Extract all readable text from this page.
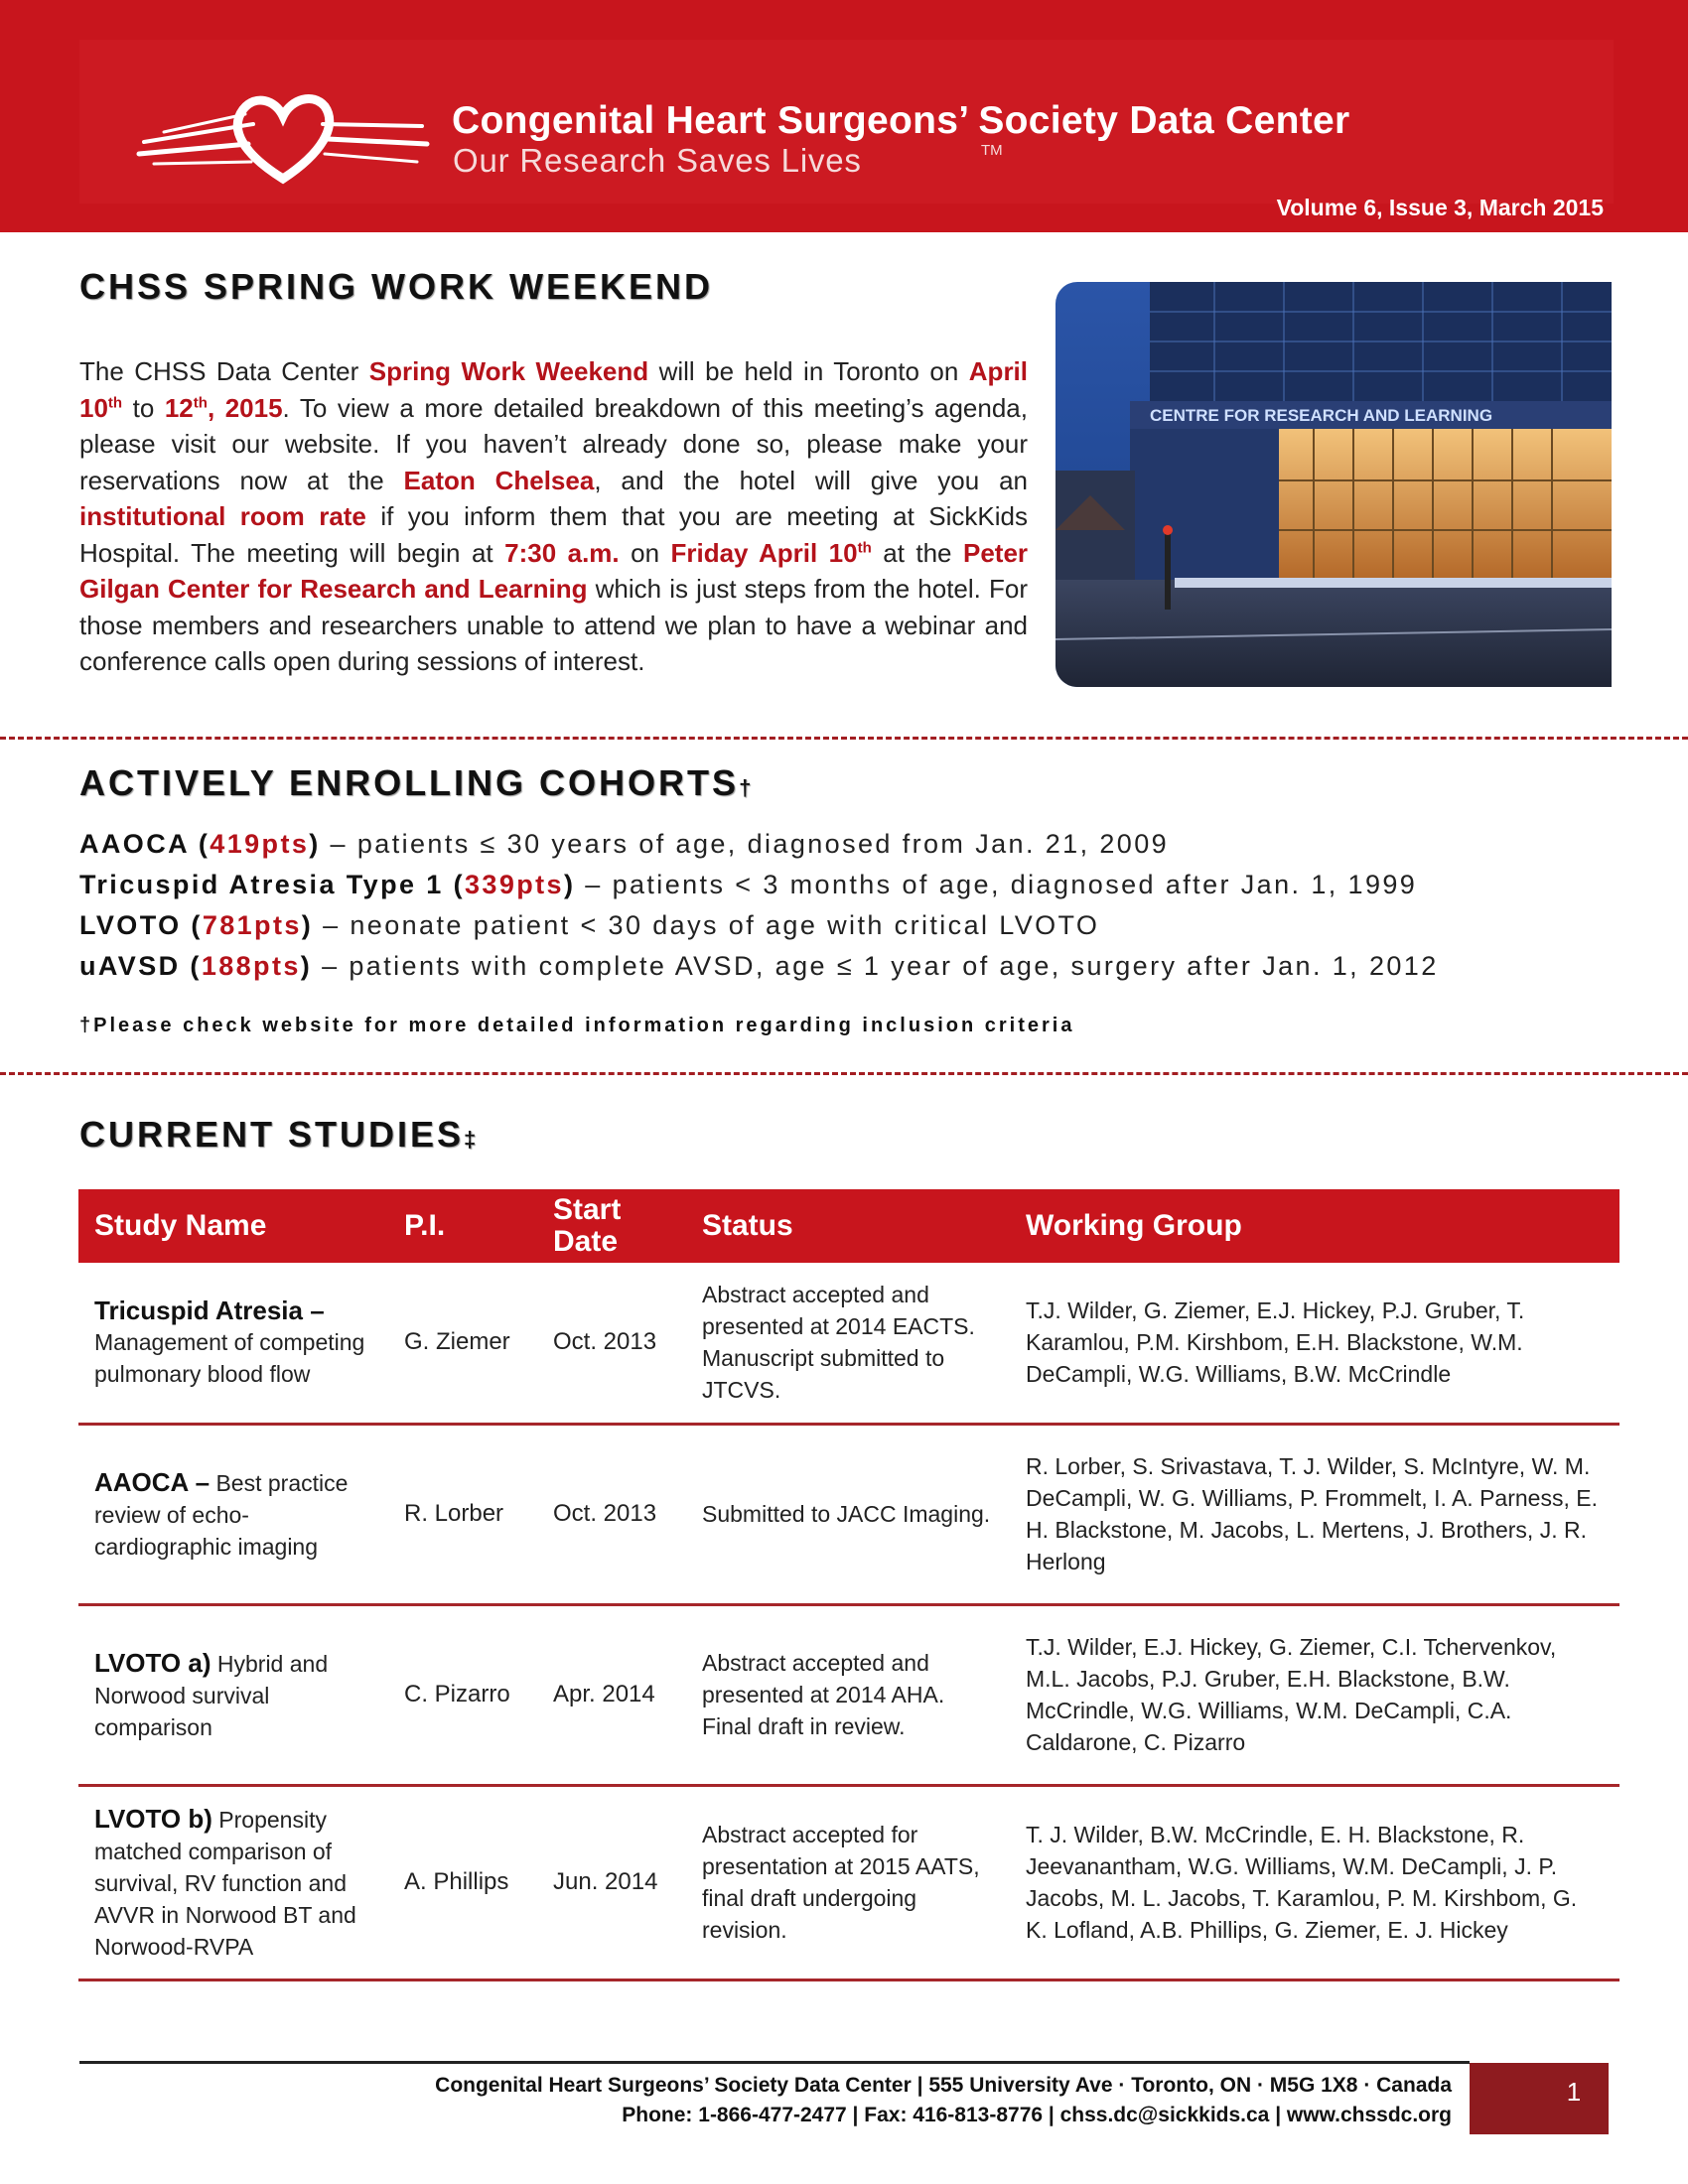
Congenital Heart Surgeons’ Society Data Center
Our Research Saves Lives	TM
Volume 6, Issue 3, March 2015
CHSS SPRING WORK WEEKEND
The CHSS Data Center Spring Work Weekend will be held in Toronto on April 10th to 12th, 2015. To view a more detailed breakdown of this meeting’s agenda, please visit our website. If you haven’t already done so, please make your reservations now at the Eaton Chelsea, and the hotel will give you an institutional room rate if you inform them that you are meeting at SickKids Hospital. The meeting will begin at 7:30 a.m. on Friday April 10th at the Peter Gilgan Center for Research and Learning which is just steps from the hotel. For those members and researchers unable to attend we plan to have a webinar and conference calls open during sessions of interest.
CENTRE FOR RESEARCH AND LEARNING
ACTIVELY ENROLLING COHORTS†
AAOCA (419pts) – patients ≤ 30 years of age, diagnosed from Jan. 21, 2009
Tricuspid Atresia Type 1 (339pts) – patients < 3 months of age, diagnosed after Jan. 1, 1999
LVOTO (781pts) – neonate patient < 30 days of age with critical LVOTO
uAVSD (188pts) – patients with complete AVSD, age ≤ 1 year of age, surgery after Jan. 1, 2012
†Please check website for more detailed information regarding inclusion criteria
CURRENT STUDIES‡
Study Name	P.I.	Start Date	Status	Working Group

Tricuspid Atresia –
Management of competing pulmonary blood flow	G. Ziemer	Oct. 2013	Abstract accepted and presented at 2014 EACTS. Manuscript submitted to JTCVS.	T.J. Wilder, G. Ziemer, E.J. Hickey, P.J. Gruber, T. Karamlou, P.M. Kirshbom, E.H. Blackstone, W.M. DeCampli, W.G. Williams, B.W. McCrindle
AAOCA – Best practice review of echo-cardiographic imaging	R. Lorber	Oct. 2013	Submitted to JACC Imaging.	R. Lorber, S. Srivastava, T. J. Wilder, S. McIntyre, W. M. DeCampli, W. G. Williams, P. Frommelt, I. A. Parness, E. H. Blackstone, M. Jacobs, L. Mertens, J. Brothers, J. R. Herlong
LVOTO a) Hybrid and Norwood survival comparison	C. Pizarro	Apr. 2014	Abstract accepted and presented at 2014 AHA. Final draft in review.	T.J. Wilder, E.J. Hickey, G. Ziemer, C.I. Tchervenkov, M.L. Jacobs, P.J. Gruber, E.H. Blackstone, B.W. McCrindle, W.G. Williams, W.M. DeCampli, C.A. Caldarone, C. Pizarro
LVOTO b) Propensity matched comparison of survival, RV function and AVVR in Norwood BT and Norwood-RVPA	A. Phillips	Jun. 2014	Abstract accepted for presentation at 2015 AATS, final draft undergoing revision.	T. J. Wilder, B.W. McCrindle, E. H. Blackstone, R. Jeevanantham, W.G. Williams, W.M. DeCampli, J. P. Jacobs, M. L. Jacobs, T. Karamlou, P. M. Kirshbom, G. K. Lofland, A.B. Phillips, G. Ziemer, E. J. Hickey
Congenital Heart Surgeons’ Society Data Center | 555 University Ave · Toronto, ON · M5G 1X8 · Canada
Phone: 1-866-477-2477 | Fax: 416-813-8776 | chss.dc@sickkids.ca | www.chssdc.org
1
